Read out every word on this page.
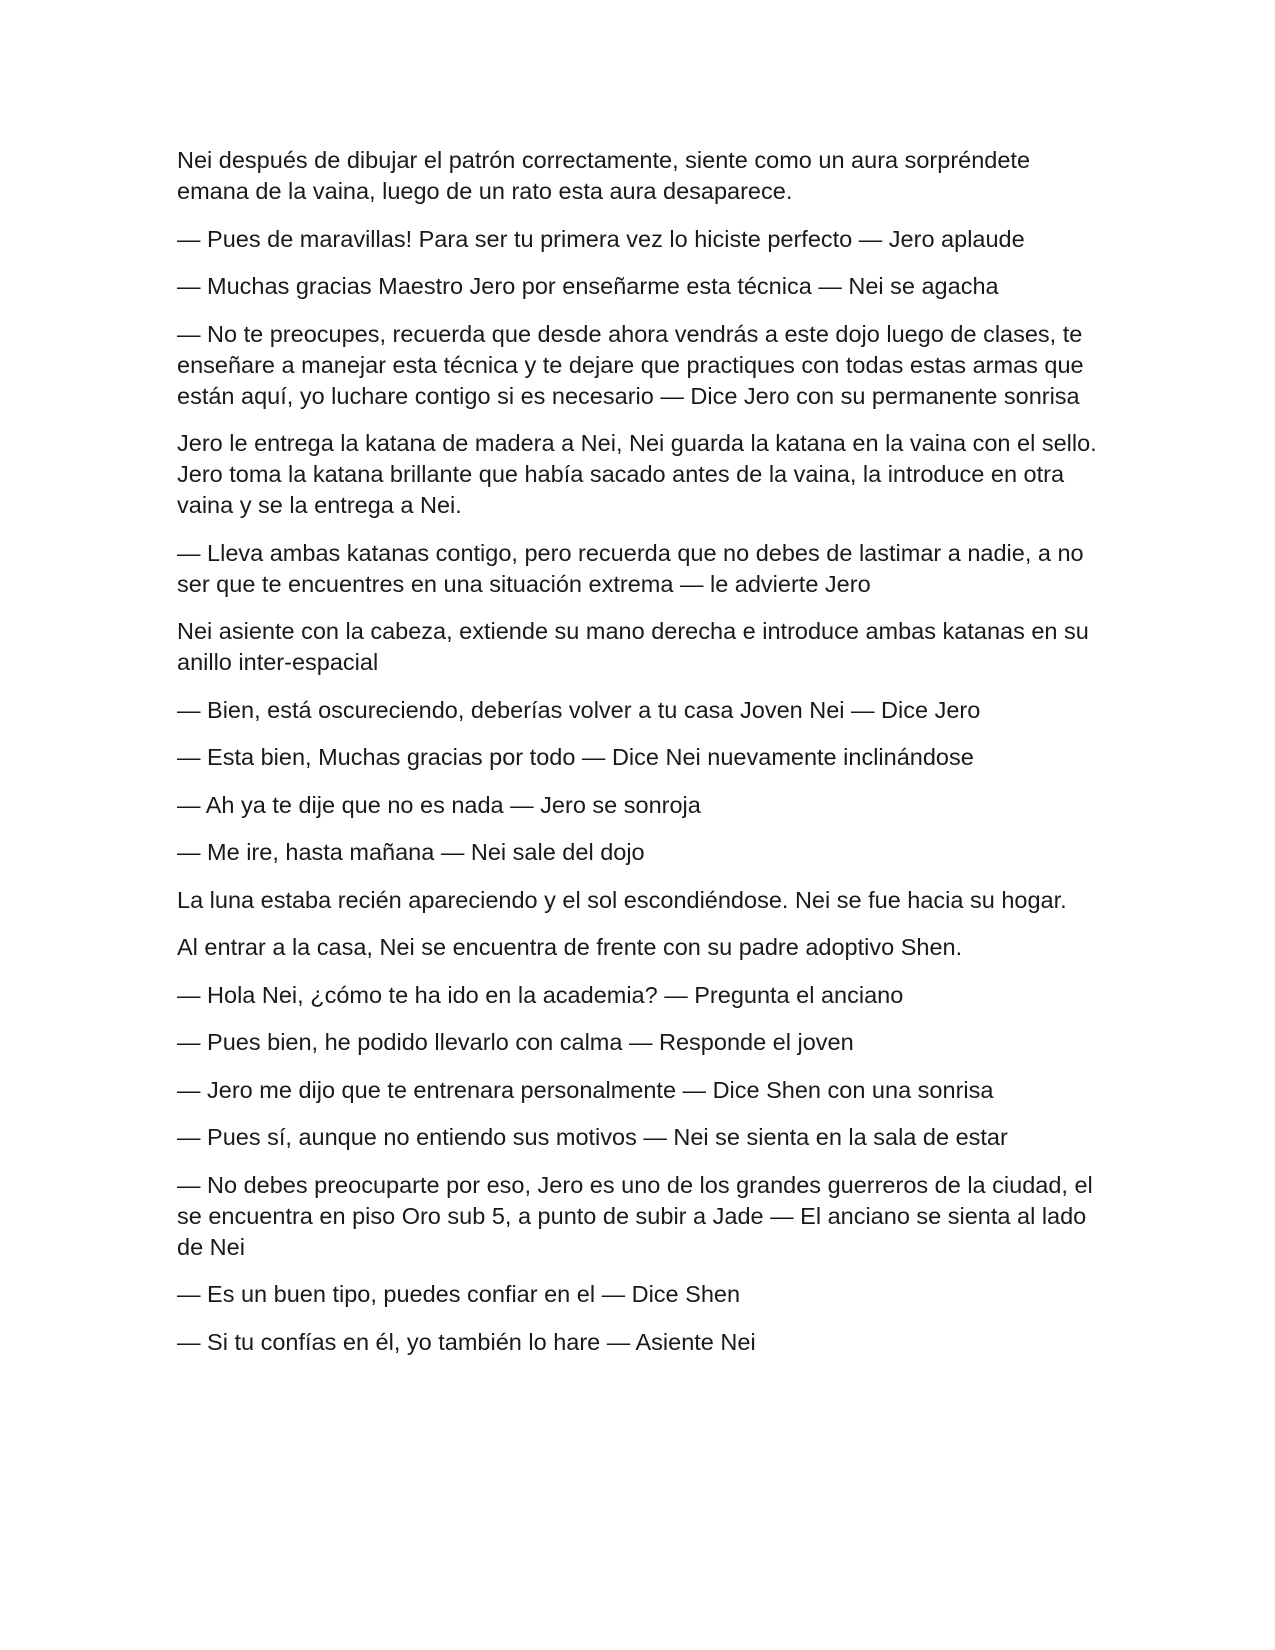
Nei después de dibujar el patrón correctamente, siente como un aura sorpréndete emana de la vaina, luego de un rato esta aura desaparece.

— Pues de maravillas! Para ser tu primera vez lo hiciste perfecto — Jero aplaude

— Muchas gracias Maestro Jero por enseñarme esta técnica — Nei se agacha

— No te preocupes, recuerda que desde ahora vendrás a este dojo luego de clases, te enseñare a manejar esta técnica y te dejare que practiques con todas estas armas que están aquí, yo luchare contigo si es necesario — Dice Jero con su permanente sonrisa

Jero le entrega la katana de madera a Nei, Nei guarda la katana en la vaina con el sello. Jero toma la katana brillante que había sacado antes de la vaina, la introduce en otra vaina y se la entrega a Nei.

— Lleva ambas katanas contigo, pero recuerda que no debes de lastimar a nadie, a no ser que te encuentres en una situación extrema — le advierte Jero

Nei asiente con la cabeza, extiende su mano derecha e introduce ambas katanas en su anillo inter-espacial

— Bien, está oscureciendo, deberías volver a tu casa Joven Nei — Dice Jero

— Esta bien, Muchas gracias por todo — Dice Nei nuevamente inclinándose

— Ah ya te dije que no es nada — Jero se sonroja

— Me ire, hasta mañana — Nei sale del dojo

La luna estaba recién apareciendo y el sol escondiéndose. Nei se fue hacia su hogar.

Al entrar a la casa, Nei se encuentra de frente con su padre adoptivo Shen.

— Hola Nei, ¿cómo te ha ido en la academia? — Pregunta el anciano

— Pues bien, he podido llevarlo con calma — Responde el joven

— Jero me dijo que te entrenara personalmente — Dice Shen con una sonrisa

— Pues sí, aunque no entiendo sus motivos — Nei se sienta en la sala de estar

— No debes preocuparte por eso, Jero es uno de los grandes guerreros de la ciudad, el se encuentra en piso Oro sub 5, a punto de subir a Jade — El anciano se sienta al lado de Nei

— Es un buen tipo, puedes confiar en el — Dice Shen

— Si tu confías en él, yo también lo hare — Asiente Nei
